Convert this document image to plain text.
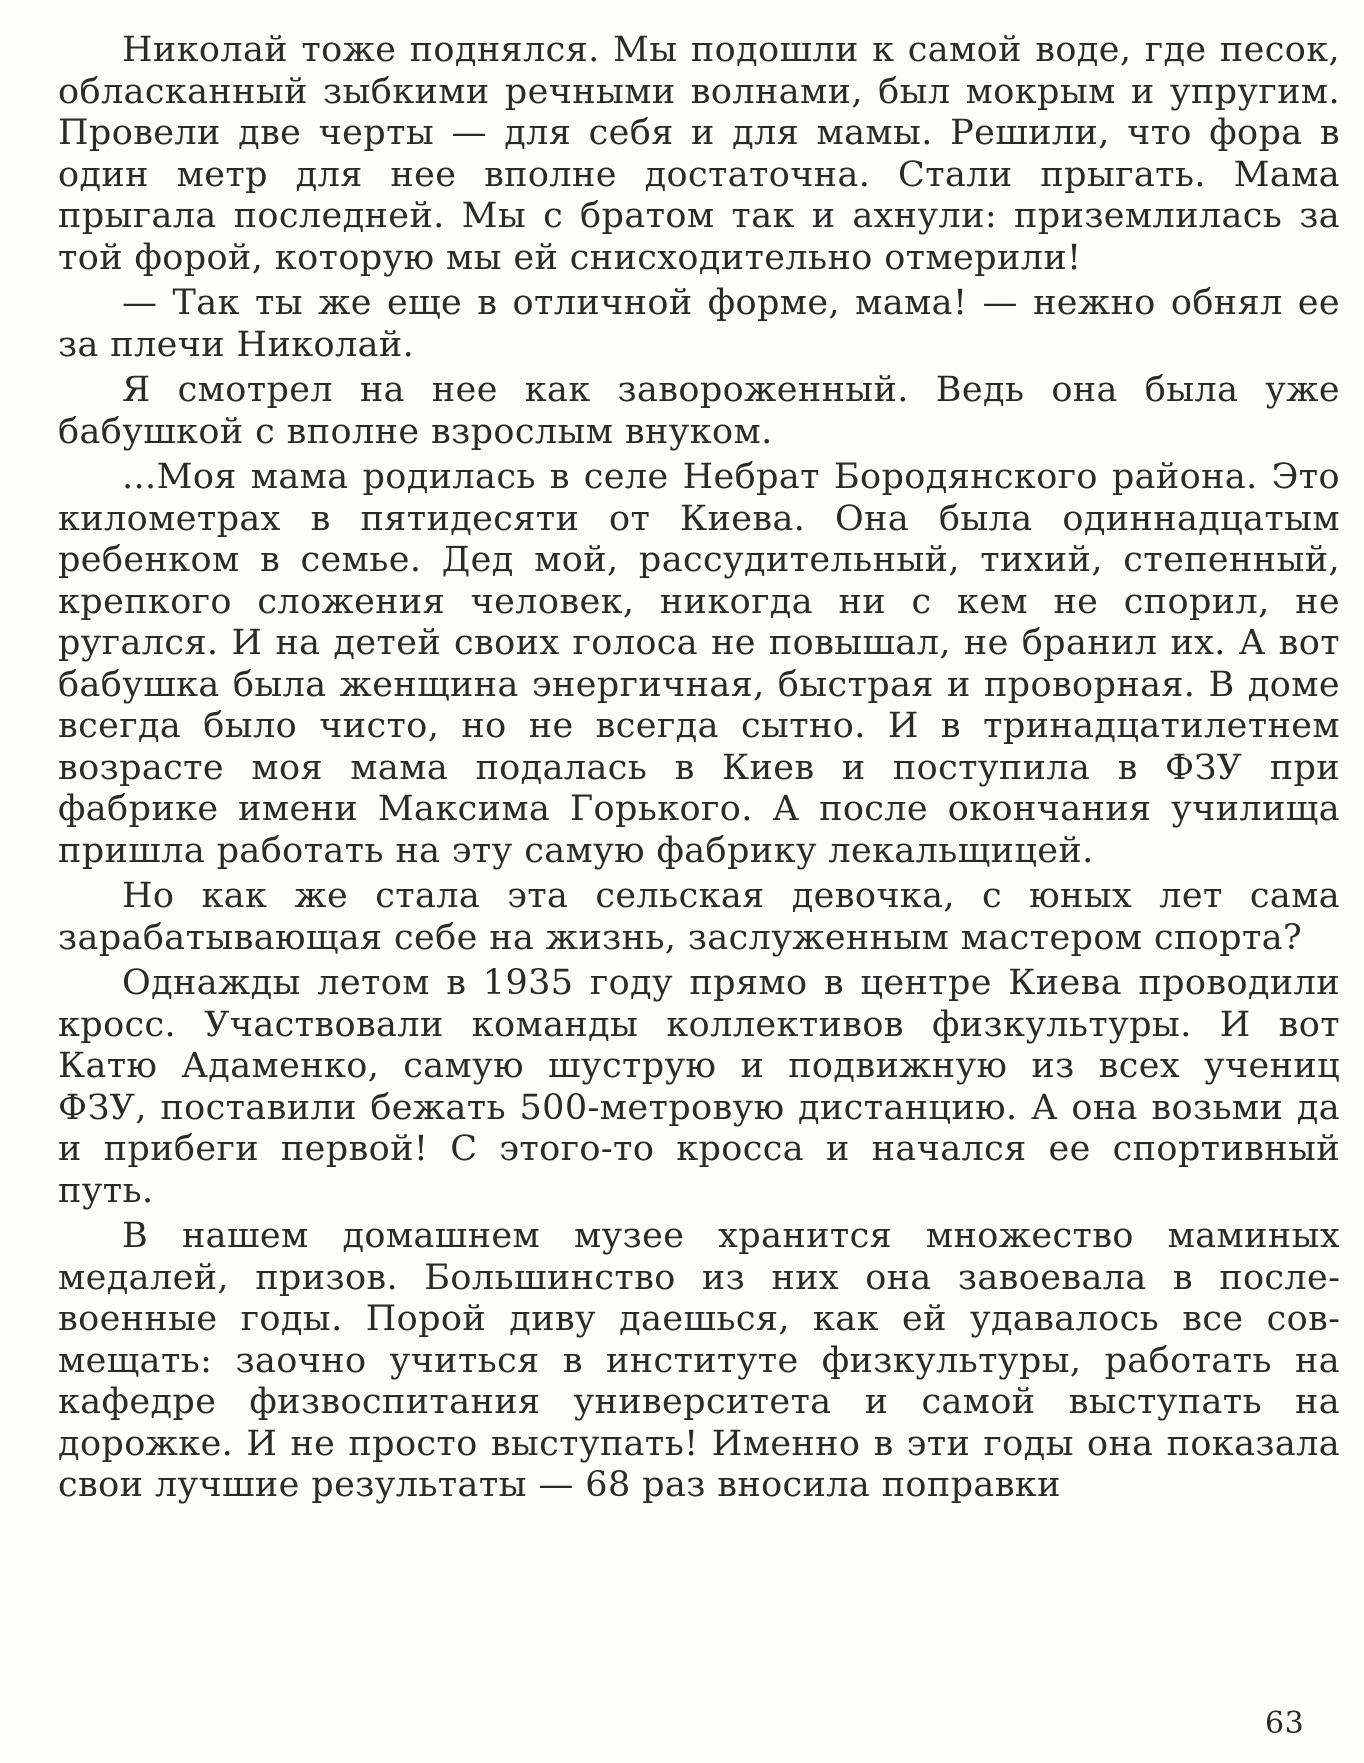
Николай тоже поднялся. Мы подошли к самой воде, где песок, обласканный зыбкими речными волнами, был мокрым и упругим. Провели две черты — для себя и для мамы. Решили, что фора в один метр для нее вполне достаточна. Стали прыгать. Мама прыгала последней. Мы с братом так и ахнули: приземлилась за той форой, которую мы ей снисходительно отмерили!

— Так ты же еще в отличной форме, мама! — нежно обнял ее за плечи Николай.

Я смотрел на нее как завороженный. Ведь она была уже бабушкой с вполне взрослым внуком.

...Моя мама родилась в селе Небрат Бородянского района. Это километрах в пятидесяти от Киева. Она была одиннадцатым ребенком в семье. Дед мой, рассудительный, тихий, степенный, крепкого сложения человек, никогда ни с кем не спорил, не ругался. И на детей своих голоса не повышал, не бранил их. А вот бабушка была женщина энергичная, быстрая и проворная. В доме всегда было чисто, но не всегда сытно. И в тринадцатилетнем возрасте моя мама подалась в Киев и поступила в ФЗУ при фабрике имени Максима Горького. А после окончания училища пришла работать на эту самую фабрику лекальщицей.

Но как же стала эта сельская девочка, с юных лет сама зарабатывающая себе на жизнь, заслуженным мастером спорта?

Однажды летом в 1935 году прямо в центре Киева проводили кросс. Участвовали команды коллективов физкультуры. И вот Катю Адаменко, самую шуструю и подвижную из всех учениц ФЗУ, поставили бежать 500-метровую дистанцию. А она возьми да и прибеги первой! С этого-то кросса и начался ее спортивный путь.

В нашем домашнем музее хранится множество маминых медалей, призов. Большинство из них она завоевала в послевоенные годы. Порой диву даешься, как ей удавалось все совмещать: заочно учиться в институте физкультуры, работать на кафедре физвоспитания университета и самой выступать на дорожке. И не просто выступать! Именно в эти годы она показала свои лучшие результаты — 68 раз вносила поправки

63
